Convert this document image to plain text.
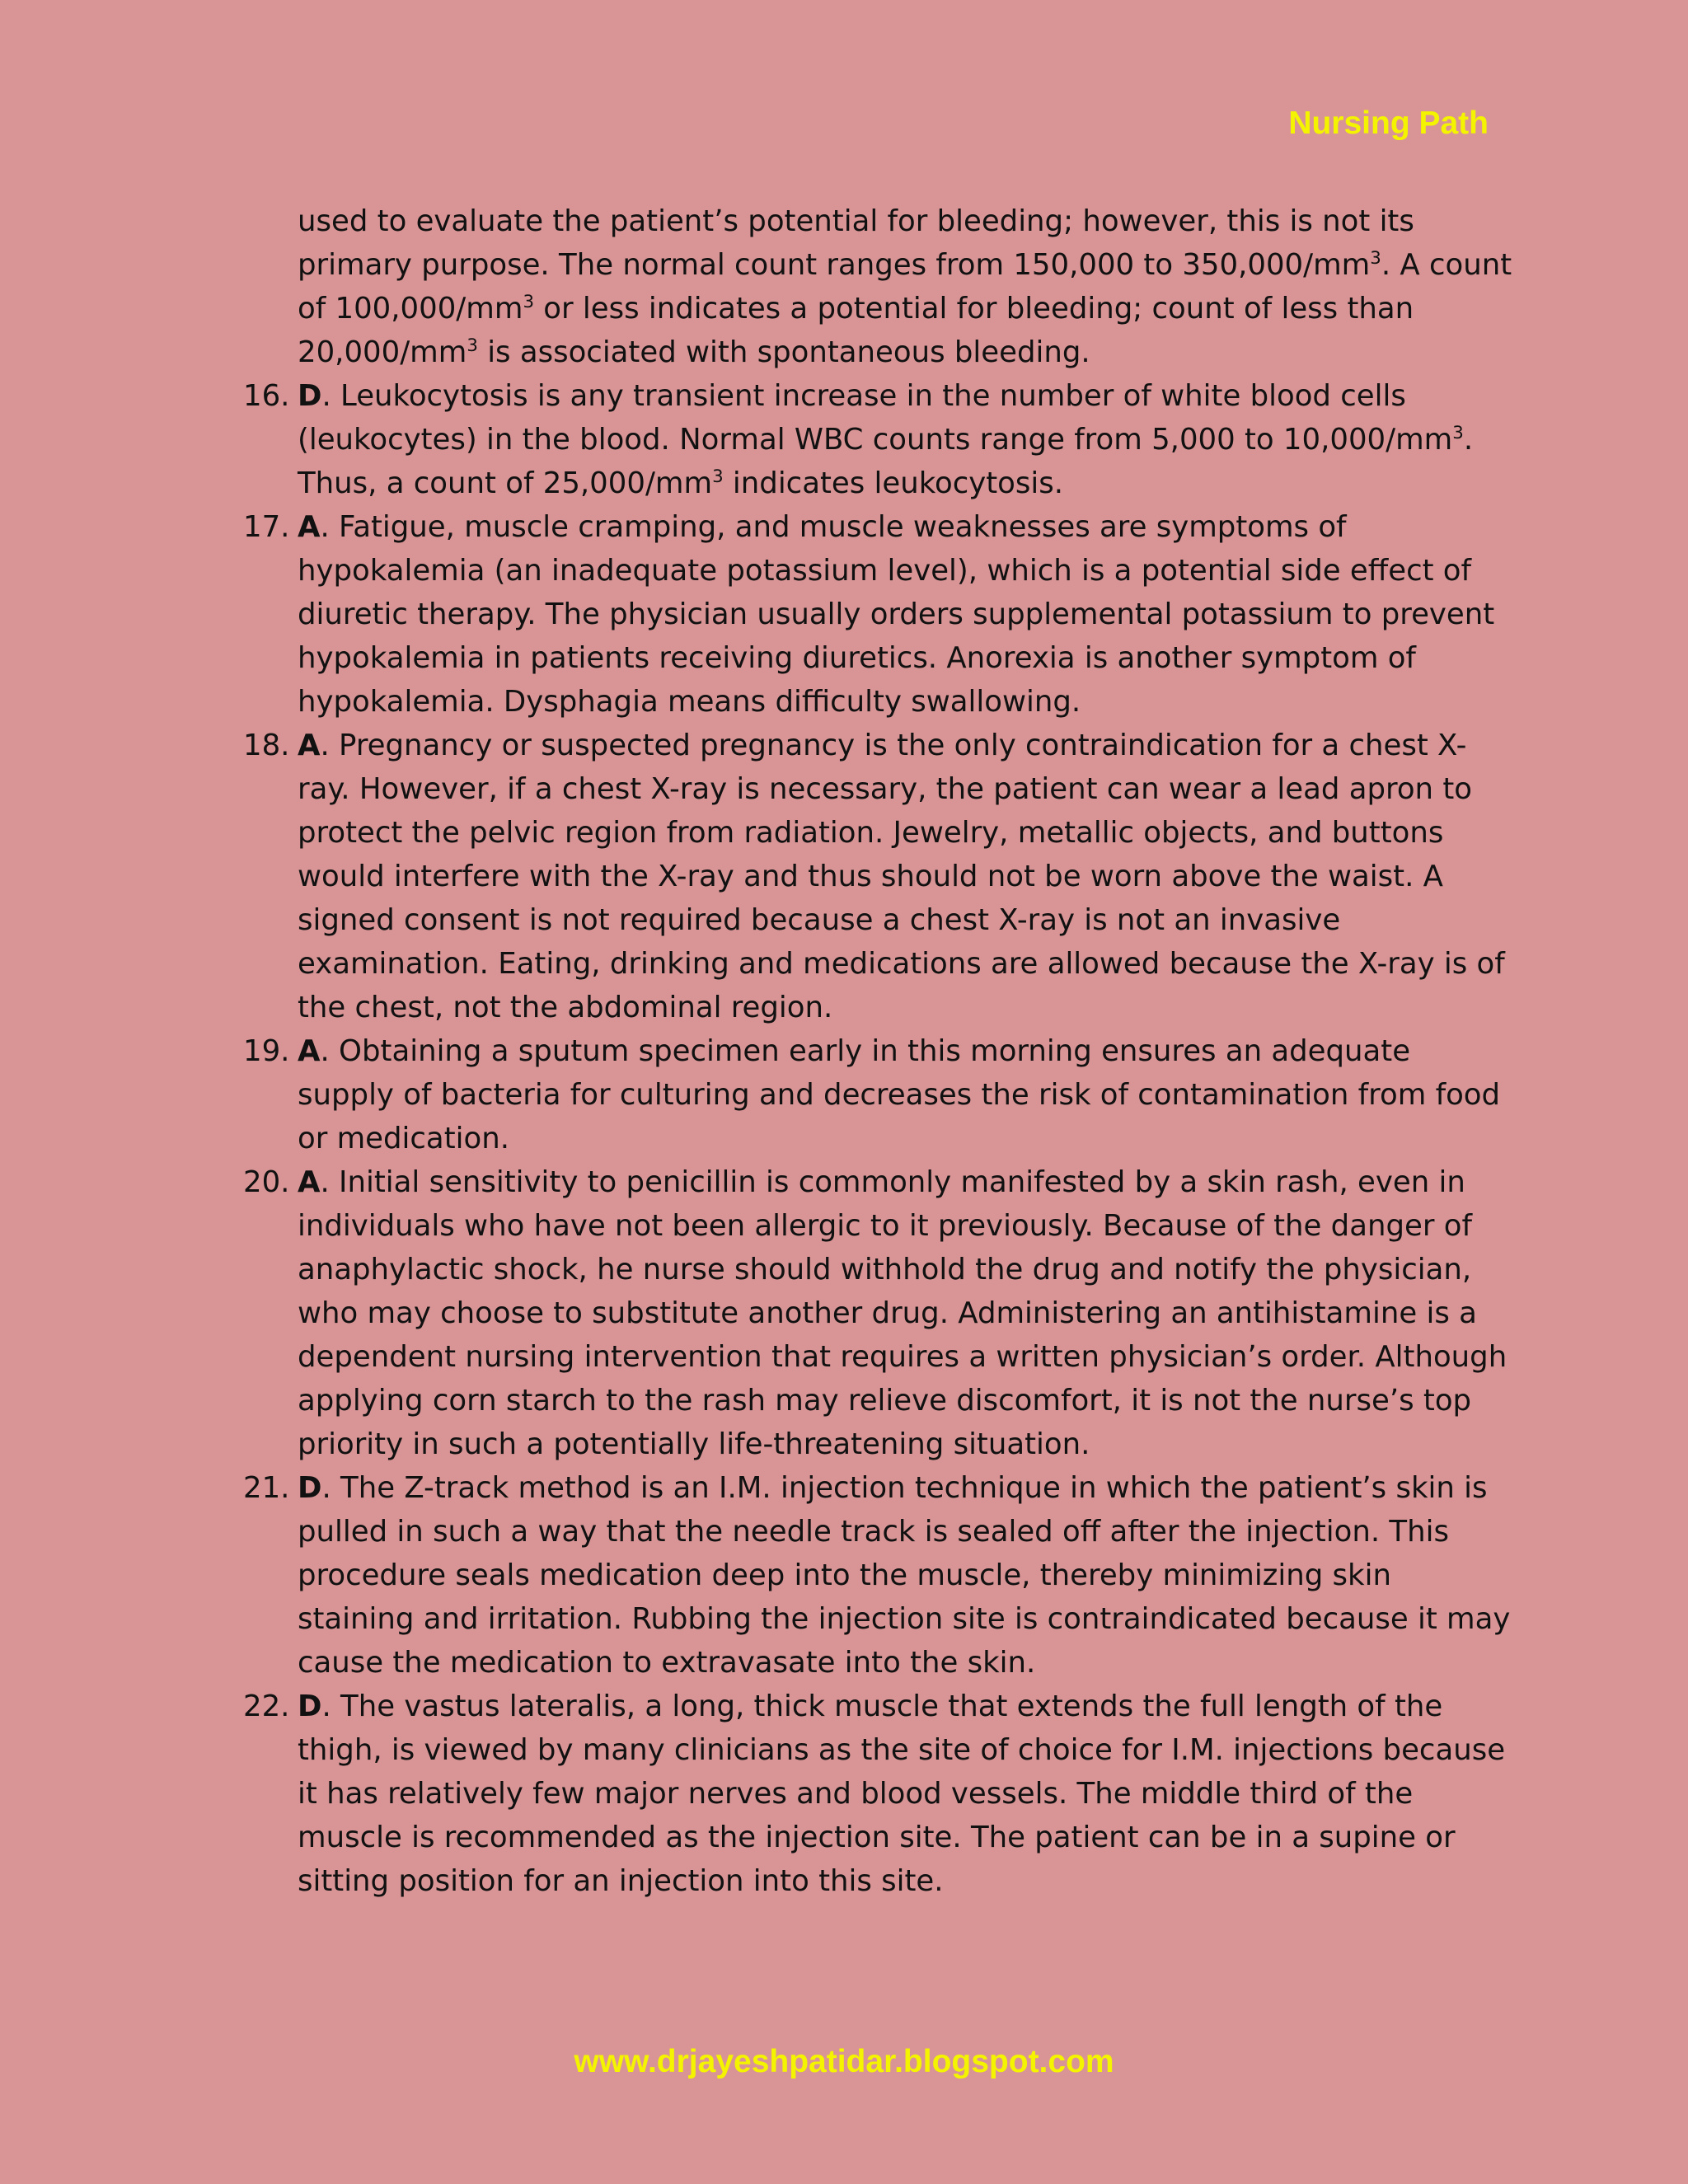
Nursing Path

used to evaluate the patient’s potential for bleeding; however, this is not its primary purpose. The normal count ranges from 150,000 to $350,000/mm^3$. A count of $100,000/mm^3$ or less indicates a potential for bleeding; count of less than $20,000/mm^3$ is associated with spontaneous bleeding.

16. D. Leukocytosis is any transient increase in the number of white blood cells (leukocytes) in the blood. Normal WBC counts range from 5,000 to $10,000/mm^3$. Thus, a count of $25,000/mm^3$ indicates leukocytosis.

17. A. Fatigue, muscle cramping, and muscle weaknesses are symptoms of hypokalemia (an inadequate potassium level), which is a potential side effect of diuretic therapy. The physician usually orders supplemental potassium to prevent hypokalemia in patients receiving diuretics. Anorexia is another symptom of hypokalemia. Dysphagia means difficulty swallowing.

18. A. Pregnancy or suspected pregnancy is the only contraindication for a chest X-ray. However, if a chest X-ray is necessary, the patient can wear a lead apron to protect the pelvic region from radiation. Jewelry, metallic objects, and buttons would interfere with the X-ray and thus should not be worn above the waist. A signed consent is not required because a chest X-ray is not an invasive examination. Eating, drinking and medications are allowed because the X-ray is of the chest, not the abdominal region.

19. A. Obtaining a sputum specimen early in this morning ensures an adequate supply of bacteria for culturing and decreases the risk of contamination from food or medication.

20. A. Initial sensitivity to penicillin is commonly manifested by a skin rash, even in individuals who have not been allergic to it previously. Because of the danger of anaphylactic shock, he nurse should withhold the drug and notify the physician, who may choose to substitute another drug. Administering an antihistamine is a dependent nursing intervention that requires a written physician’s order. Although applying corn starch to the rash may relieve discomfort, it is not the nurse’s top priority in such a potentially life-threatening situation.

21. D. The Z-track method is an I.M. injection technique in which the patient’s skin is pulled in such a way that the needle track is sealed off after the injection. This procedure seals medication deep into the muscle, thereby minimizing skin staining and irritation. Rubbing the injection site is contraindicated because it may cause the medication to extravasate into the skin.

22. D. The vastus lateralis, a long, thick muscle that extends the full length of the thigh, is viewed by many clinicians as the site of choice for I.M. injections because it has relatively few major nerves and blood vessels. The middle third of the muscle is recommended as the injection site. The patient can be in a supine or sitting position for an injection into this site.

www.drjayeshpatidar.blogspot.com
